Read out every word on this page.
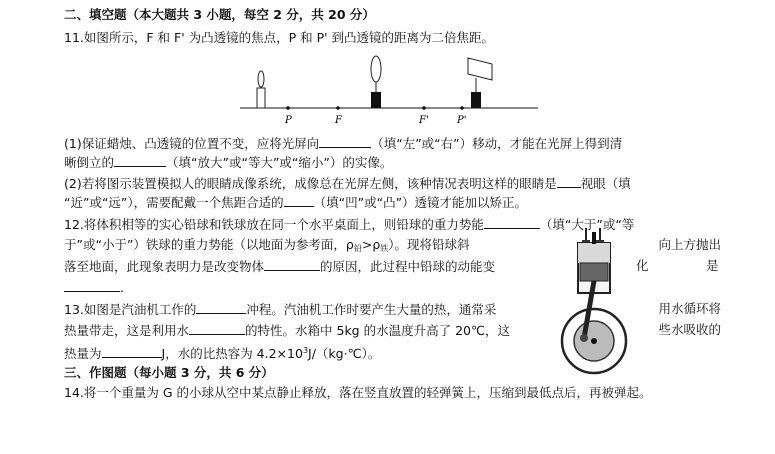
二、填空题（本大题共 3 小题，每空 2 分，共 20 分）
11.如图所示，F 和 F' 为凸透镜的焦点，P 和 P' 到凸透镜的距离为二倍焦距。
P	F	F'	P'
(1)保证蜡烛、凸透镜的位置不变，应将光屏向	（填“左”或“右”）移动，才能在光屏上得到清
晰倒立的	（填“放大”或“等大”或“缩小”）的实像。
(2)若将图示装置模拟人的眼睛成像系统，成像总在光屏左侧，该种情况表明这样的眼睛是 视眼（填
“近”或“远”），需要配戴一个焦距合适的 （填“凹”或“凸”）透镜才能加以矫正。
12.将体积相等的实心铅球和铁球放在同一个水平桌面上，则铅球的重力势能	（填“大于”或“等
于”或“小于”）铁球的重力势能（以地面为参考面，$\rho_铅>\rho_铁$）。现将铅球斜	向上方抛出
落至地面，此现象表明力是改变物体	的原因，此过程中铅球的动能变	化	是
.
13.如图是汽油机工作的	冲程。汽油机工作时要产生大量的热，通常采	用水循环将
热量带走，这是利用水	的特性。水箱中 5kg 的水温度升高了 20℃，这	些水吸收的
热量为	J，水的比热容为 $4.2\times 10^3J/(kg\cdot℃)$。
三、作图题（每小题 3 分，共 6 分）
14.将一个重量为 G 的小球从空中某点静止释放，落在竖直放置的轻弹簧上，压缩到最低点后，再被弹起。
